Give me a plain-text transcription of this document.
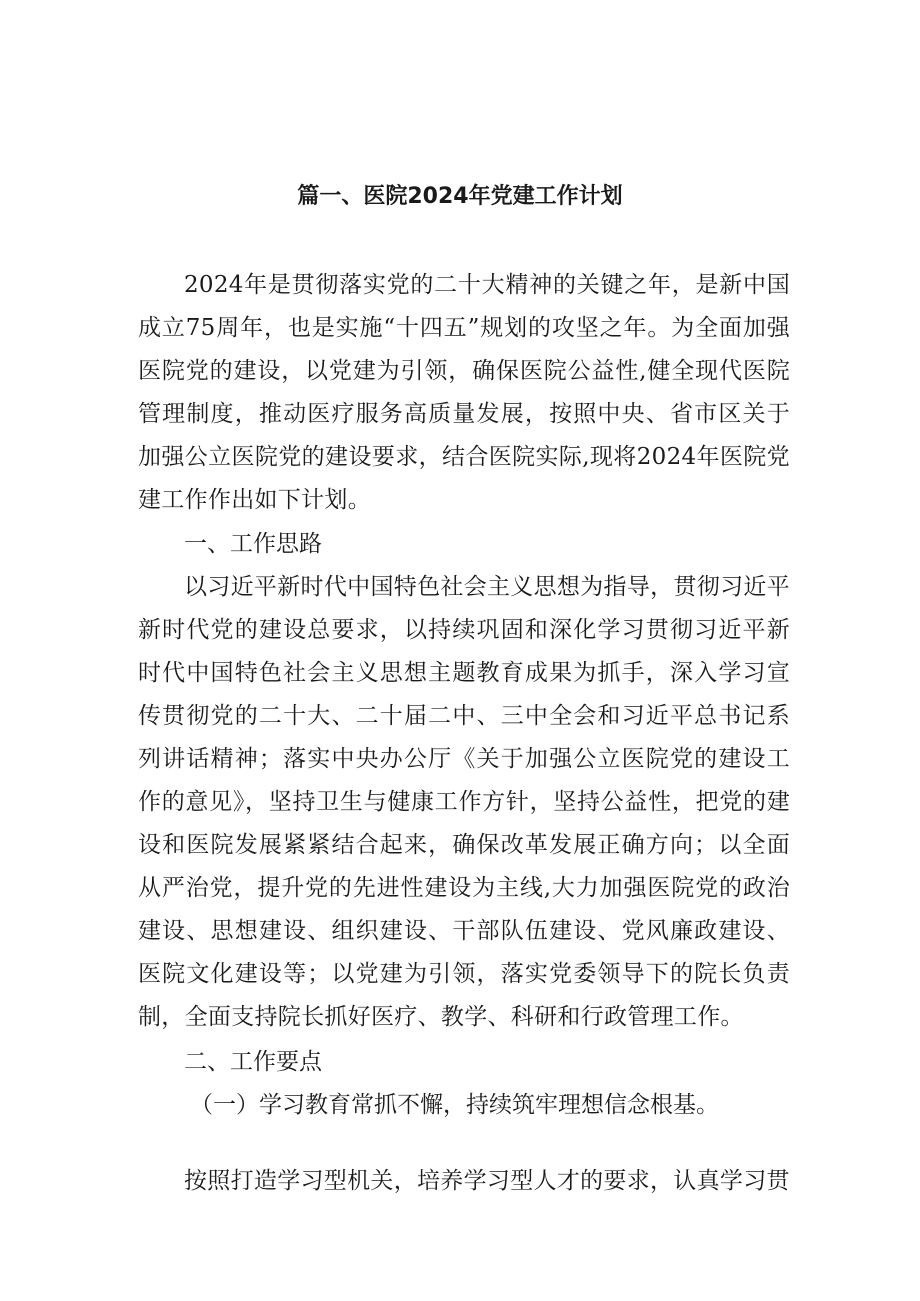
篇一、医院2024年党建工作计划

2024年是贯彻落实党的二十大精神的关键之年，是新中国成立75周年，也是实施“十四五”规划的攻坚之年。为全面加强医院党的建设，以党建为引领，确保医院公益性,健全现代医院管理制度，推动医疗服务高质量发展，按照中央、省市区关于加强公立医院党的建设要求，结合医院实际,现将2024年医院党建工作作出如下计划。

一、工作思路

以习近平新时代中国特色社会主义思想为指导，贯彻习近平新时代党的建设总要求，以持续巩固和深化学习贯彻习近平新时代中国特色社会主义思想主题教育成果为抓手，深入学习宣传贯彻党的二十大、二十届二中、三中全会和习近平总书记系列讲话精神；落实中央办公厅《关于加强公立医院党的建设工作的意见》，坚持卫生与健康工作方针，坚持公益性，把党的建设和医院发展紧紧结合起来，确保改革发展正确方向；以全面从严治党，提升党的先进性建设为主线,大力加强医院党的政治建设、思想建设、组织建设、干部队伍建设、党风廉政建设、医院文化建设等；以党建为引领，落实党委领导下的院长负责制，全面支持院长抓好医疗、教学、科研和行政管理工作。

二、工作要点

（一）学习教育常抓不懈，持续筑牢理想信念根基。

按照打造学习型机关，培养学习型人才的要求，认真学习贯
